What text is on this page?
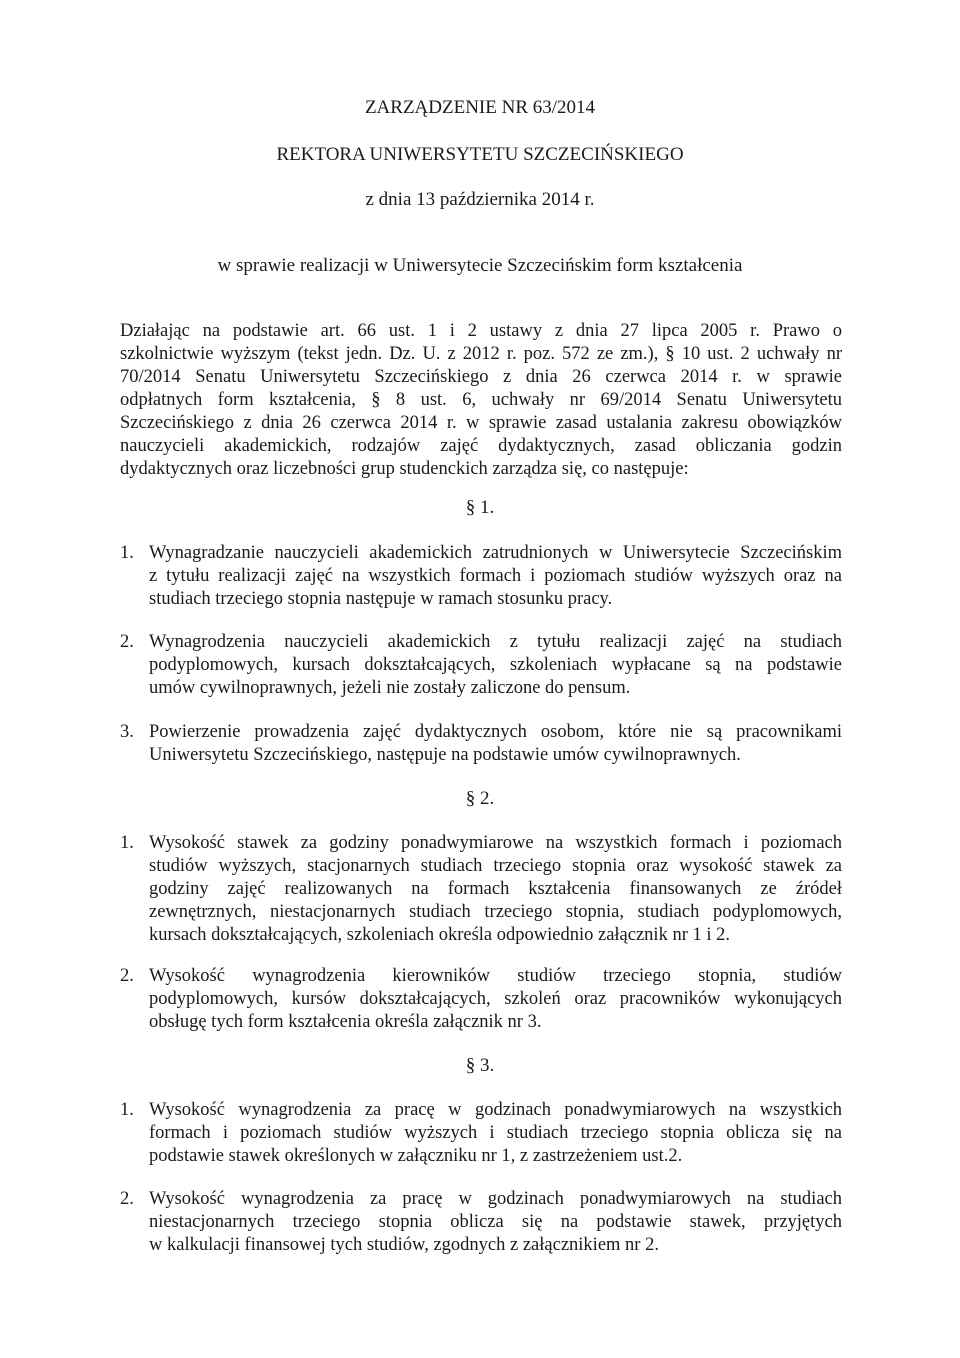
ZARZĄDZENIE NR 63/2014
REKTORA UNIWERSYTETU SZCZECIŃSKIEGO
z dnia 13 października 2014 r.
w sprawie realizacji w Uniwersytecie Szczecińskim form kształcenia
Działając na podstawie art. 66 ust. 1 i 2 ustawy z dnia 27 lipca 2005 r. Prawo o
szkolnictwie wyższym (tekst jedn. Dz. U. z 2012 r. poz. 572 ze zm.), § 10 ust. 2 uchwały nr
70/2014 Senatu Uniwersytetu Szczecińskiego z dnia 26 czerwca 2014 r. w sprawie
odpłatnych form kształcenia, § 8 ust. 6, uchwały nr 69/2014 Senatu Uniwersytetu
Szczecińskiego z dnia 26 czerwca 2014 r. w sprawie zasad ustalania zakresu obowiązków
nauczycieli akademickich, rodzajów zajęć dydaktycznych, zasad obliczania godzin
dydaktycznych oraz liczebności grup studenckich zarządza się, co następuje:
§ 1.
1. Wynagradzanie nauczycieli akademickich zatrudnionych w Uniwersytecie Szczecińskim
z tytułu realizacji zajęć na wszystkich formach i poziomach studiów wyższych oraz na
studiach trzeciego stopnia następuje w ramach stosunku pracy.
2. Wynagrodzenia nauczycieli akademickich z tytułu realizacji zajęć na studiach
podyplomowych, kursach dokształcających, szkoleniach wypłacane są na podstawie
umów cywilnoprawnych, jeżeli nie zostały zaliczone do pensum.
3. Powierzenie prowadzenia zajęć dydaktycznych osobom, które nie są pracownikami
Uniwersytetu Szczecińskiego, następuje na podstawie umów cywilnoprawnych.
§ 2.
1. Wysokość stawek za godziny ponadwymiarowe na wszystkich formach i poziomach
studiów wyższych, stacjonarnych studiach trzeciego stopnia oraz wysokość stawek za
godziny zajęć realizowanych na formach kształcenia finansowanych ze źródeł
zewnętrznych, niestacjonarnych studiach trzeciego stopnia, studiach podyplomowych,
kursach dokształcających, szkoleniach określa odpowiednio załącznik nr 1 i 2.
2. Wysokość wynagrodzenia kierowników studiów trzeciego stopnia, studiów
podyplomowych, kursów dokształcających, szkoleń oraz pracowników wykonujących
obsługę tych form kształcenia określa załącznik nr 3.
§ 3.
1. Wysokość wynagrodzenia za pracę w godzinach ponadwymiarowych na wszystkich
formach i poziomach studiów wyższych i studiach trzeciego stopnia oblicza się na
podstawie stawek określonych w załączniku nr 1, z zastrzeżeniem ust.2.
2. Wysokość wynagrodzenia za pracę w godzinach ponadwymiarowych na studiach
niestacjonarnych trzeciego stopnia oblicza się na podstawie stawek, przyjętych
w kalkulacji finansowej tych studiów, zgodnych z załącznikiem nr 2.
